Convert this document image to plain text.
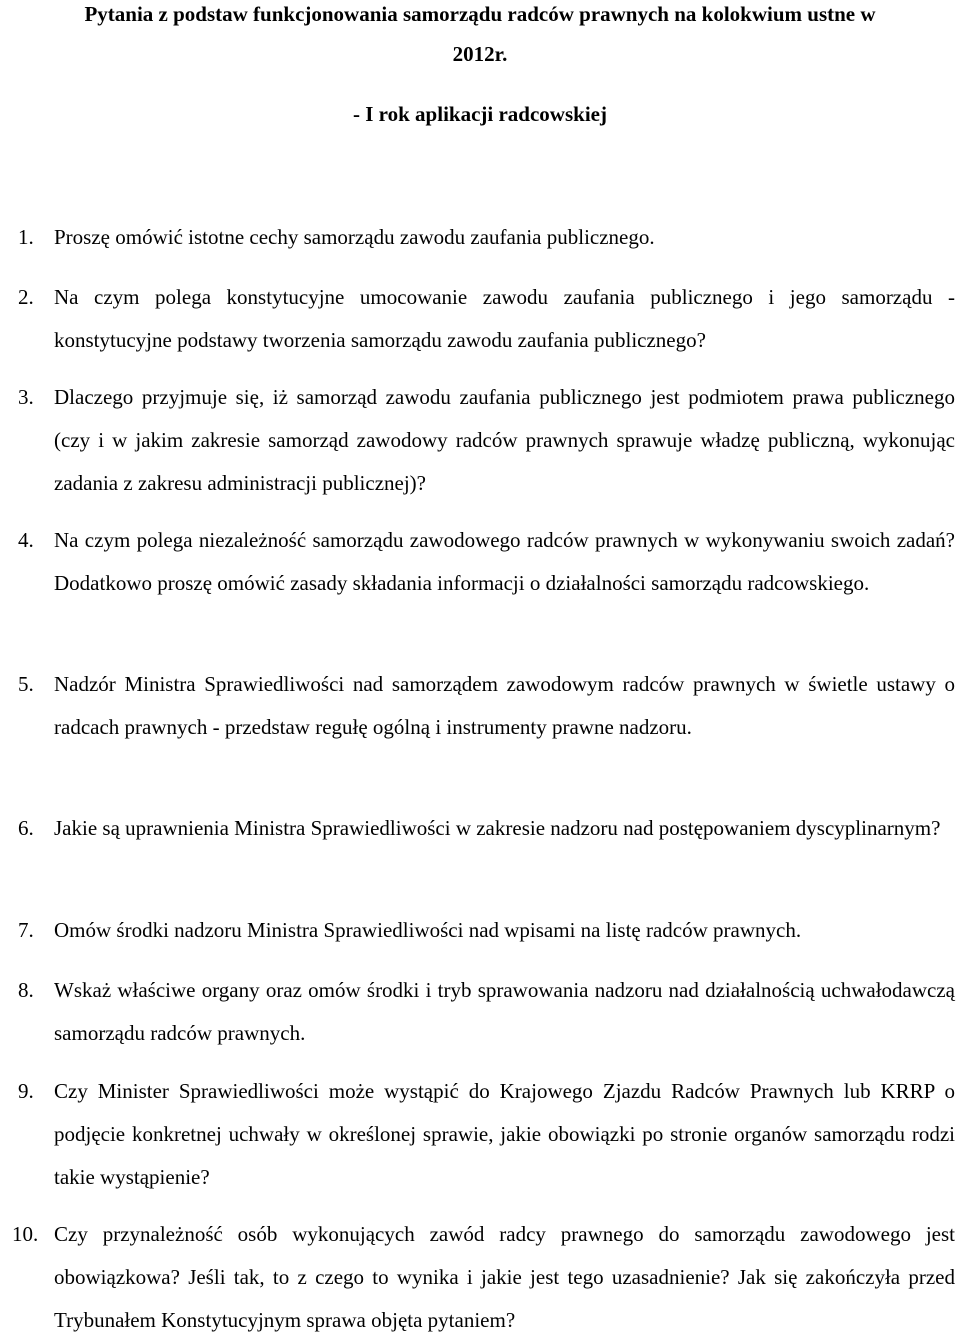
Pytania z podstaw funkcjonowania samorządu radców prawnych na kolokwium ustne w
2012r.
- I rok aplikacji radcowskiej
1. Proszę omówić istotne cechy samorządu zawodu zaufania publicznego.
2. Na czym polega konstytucyjne umocowanie zawodu zaufania publicznego i jego samorządu - konstytucyjne podstawy tworzenia samorządu zawodu zaufania publicznego?
3. Dlaczego przyjmuje się, iż samorząd zawodu zaufania publicznego jest podmiotem prawa publicznego (czy i w jakim zakresie samorząd zawodowy radców prawnych sprawuje władzę publiczną, wykonując zadania z zakresu administracji publicznej)?
4. Na czym polega niezależność samorządu zawodowego radców prawnych w wykonywaniu swoich zadań? Dodatkowo proszę omówić zasady składania informacji o działalności samorządu radcowskiego.
5. Nadzór Ministra Sprawiedliwości nad samorządem zawodowym radców prawnych w świetle ustawy o radcach prawnych - przedstaw regułę ogólną i instrumenty prawne nadzoru.
6. Jakie są uprawnienia Ministra Sprawiedliwości w zakresie nadzoru nad postępowaniem dyscyplinarnym?
7. Omów środki nadzoru Ministra Sprawiedliwości nad wpisami na listę radców prawnych.
8. Wskaż właściwe organy oraz omów środki i tryb sprawowania nadzoru nad działalnością uchwałodawczą samorządu radców prawnych.
9. Czy Minister Sprawiedliwości może wystąpić do Krajowego Zjazdu Radców Prawnych lub KRRP o podjęcie konkretnej uchwały w określonej sprawie, jakie obowiązki po stronie organów samorządu rodzi takie wystąpienie?
10. Czy przynależność osób wykonujących zawód radcy prawnego do samorządu zawodowego jest obowiązkowa? Jeśli tak, to z czego to wynika i jakie jest tego uzasadnienie? Jak się zakończyła przed Trybunałem Konstytucyjnym sprawa objęta pytaniem?
